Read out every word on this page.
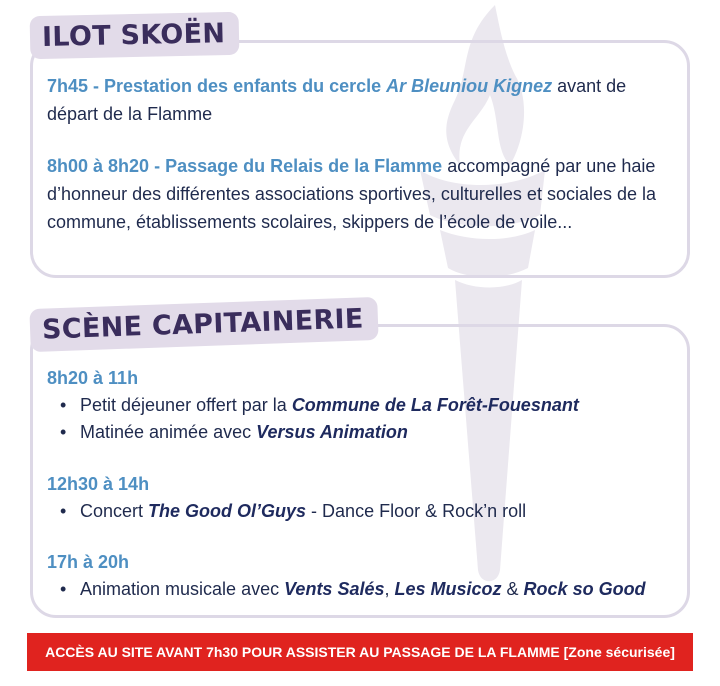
ILOT SKOËN
7h45 - Prestation des enfants du cercle Ar Bleuniou Kignez avant de départ de la Flamme
8h00 à 8h20 - Passage du Relais de la Flamme accompagné par une haie d’honneur des différentes associations sportives, culturelles et sociales de la commune, établissements scolaires, skippers de l’école de voile...
SCÈNE CAPITAINERIE
8h20 à 11h
• Petit déjeuner offert par la Commune de La Forêt-Fouesnant
• Matinée animée avec Versus Animation
12h30 à 14h
• Concert The Good Ol’Guys - Dance Floor & Rock’n roll
17h à 20h
• Animation musicale avec Vents Salés, Les Musicoz & Rock so Good
ACCÈS AU SITE AVANT 7h30 POUR ASSISTER AU PASSAGE DE LA FLAMME [Zone sécurisée]
